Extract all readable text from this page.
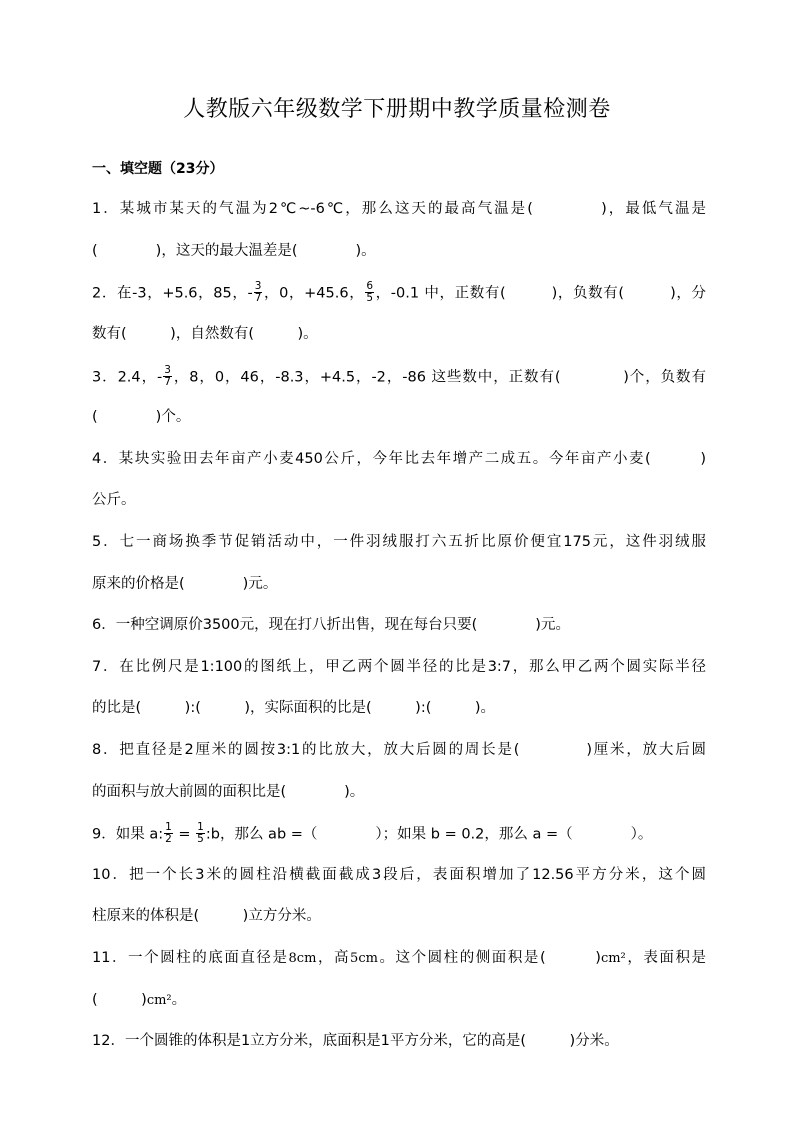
人教版六年级数学下册期中教学质量检测卷
一、填空题（23分）
1．某城市某天的气温为2℃~-6℃，那么这天的最高气温是(　　　　)，最低气温是
(　　　　)，这天的最大温差是(　　　　)。
2．在-3，+5.6，85，- $\frac{3}{7}$ ，0，+45.6， $\frac{6}{5}$ ，-0.1 中，正数有(　　　)，负数有(　　　)，分
数有(　　　)，自然数有(　　　)。
3．2.4，- $\frac{3}{7}$ ，8，0，46，-8.3，+4.5，-2，-86 这些数中，正数有(　　　　)个，负数有
(　　　　)个。
4．某块实验田去年亩产小麦450公斤，今年比去年增产二成五。今年亩产小麦(　　　)
公斤。
5．七一商场换季节促销活动中，一件羽绒服打六五折比原价便宜175元，这件羽绒服
原来的价格是(　　　　)元。
6．一种空调原价3500元，现在打八折出售，现在每台只要(　　　　)元。
7．在比例尺是1:100的图纸上，甲乙两个圆半径的比是3:7，那么甲乙两个圆实际半径
的比是(　　　):(　　　)，实际面积的比是(　　　):(　　　)。
8．把直径是2厘米的圆按3:1的比放大，放大后圆的周长是(　　　　)厘米，放大后圆
的面积与放大前圆的面积比是(　　　　)。
9．如果 a: $\frac{1}{2} = \frac{1}{5}$ :b，那么 ab =（　　　　）；如果 b = 0.2，那么 a =（　　　　）。
10．把一个长3米的圆柱沿横截面截成3段后，表面积增加了12.56平方分米，这个圆
柱原来的体积是(　　　)立方分米。
11．一个圆柱的底面直径是8cm，高5cm。这个圆柱的侧面积是(　　　)cm²，表面积是
(　　　)cm²。
12．一个圆锥的体积是1立方分米，底面积是1平方分米，它的高是(　　　)分米。
